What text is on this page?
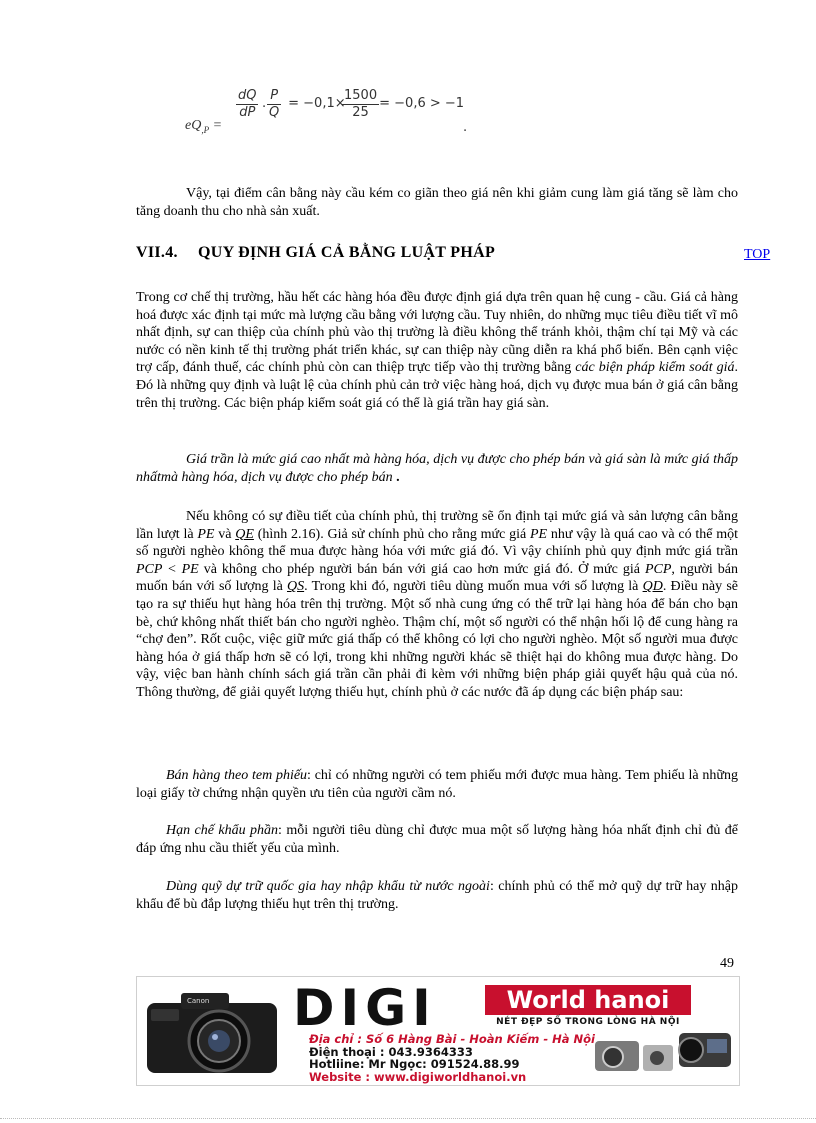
$eQ_{,P}$ =
$\frac{dQ}{dP}$ . $\frac{P}{Q} = -0,1\times$
$\frac{1500}{25}$
= −0,6 > −1
.

Vậy, tại điểm cân bằng này cầu kém co giãn theo giá nên khi giảm cung làm giá tăng sẽ làm cho tăng doanh thu cho nhà sản xuất.

VII.4. QUY ĐỊNH GIÁ CẢ BẰNG LUẬT PHÁP	TOP

Trong cơ chế thị trường, hầu hết các hàng hóa đều được định giá dựa trên quan hệ cung - cầu. Giá cả hàng hoá được xác định tại mức mà lượng cầu bằng với lượng cầu. Tuy nhiên, do những mục tiêu điều tiết vĩ mô nhất định, sự can thiệp của chính phủ vào thị trường là điều không thể tránh khỏi, thậm chí tại Mỹ và các nước có nền kinh tế thị trường phát triển khác, sự can thiệp này cũng diễn ra khá phổ biến. Bên cạnh việc trợ cấp, đánh thuế, các chính phủ còn can thiệp trực tiếp vào thị trường bằng các biện pháp kiểm soát giá. Đó là những quy định và luật lệ của chính phủ cản trở việc hàng hoá, dịch vụ được mua bán ở giá cân bằng trên thị trường. Các biện pháp kiểm soát giá có thể là giá trần hay giá sàn.

Giá trần là mức giá cao nhất mà hàng hóa, dịch vụ được cho phép bán và giá sàn là mức giá thấp nhấtmà hàng hóa, dịch vụ được cho phép bán .

Nếu không có sự điều tiết của chính phủ, thị trường sẽ ổn định tại mức giá và sản lượng cân bằng lần lượt là PE và QE (hình 2.16). Giả sử chính phủ cho rằng mức giá PE như vậy là quá cao và có thể một số người nghèo không thể mua được hàng hóa với mức giá đó. Vì vậy chiính phủ quy định mức giá trần PCP < PE và không cho phép người bán bán với giá cao hơn mức giá đó. Ở mức giá PCP, người bán muốn bán với số lượng là QS. Trong khi đó, người tiêu dùng muốn mua với số lượng là QD. Điều này sẽ tạo ra sự thiếu hụt hàng hóa trên thị trường. Một số nhà cung ứng có thể trữ lại hàng hóa để bán cho bạn bè, chứ không nhất thiết bán cho người nghèo. Thậm chí, một số người có thể nhận hối lộ để cung hàng ra “chợ đen”. Rốt cuộc, việc giữ mức giá thấp có thể không có lợi cho người nghèo. Một số người mua được hàng hóa ở giá thấp hơn sẽ có lợi, trong khi những người khác sẽ thiệt hại do không mua được hàng. Do vậy, việc ban hành chính sách giá trần cần phải đi kèm với những biện pháp giải quyết hậu quả của nó. Thông thường, để giải quyết lượng thiếu hụt, chính phủ ở các nước đã áp dụng các biện pháp sau:

Bán hàng theo tem phiếu: chỉ có những người có tem phiếu mới được mua hàng. Tem phiếu là những loại giấy tờ chứng nhận quyền ưu tiên của người cầm nó.

Hạn chế khẩu phần: mỗi người tiêu dùng chỉ được mua một số lượng hàng hóa nhất định chỉ đủ để đáp ứng nhu cầu thiết yếu của mình.

Dùng quỹ dự trữ quốc gia hay nhập khẩu từ nước ngoài: chính phủ có thể mở quỹ dự trữ hay nhập khẩu để bù đắp lượng thiếu hụt trên thị trường.

49
Canon DIGI	World hanoi
NÉT ĐẸP SỐ TRONG LÒNG HÀ NỘI
Địa chỉ : Số 6 Hàng Bài - Hoàn Kiếm - Hà Nội
Điện thoại : 043.9364333
Hotliine: Mr Ngọc: 091524.88.99
Website : www.digiworldhanoi.vn
